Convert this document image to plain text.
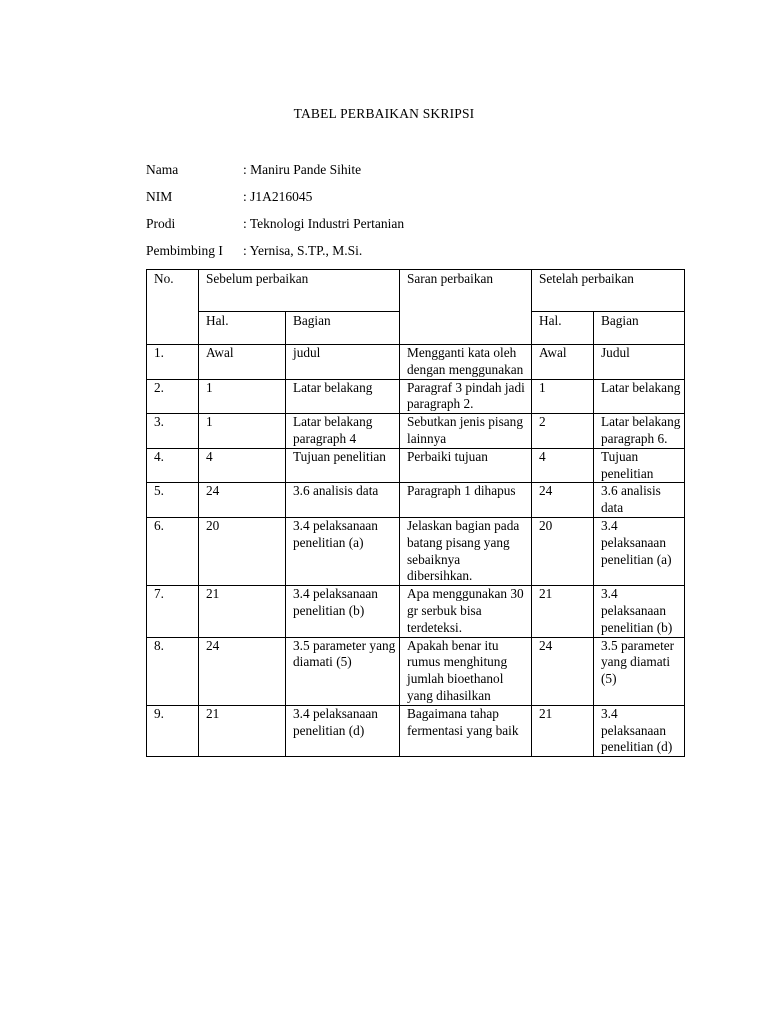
TABEL PERBAIKAN SKRIPSI
Nama	: Maniru Pande Sihite
NIM	: J1A216045
Prodi	: Teknologi Industri Pertanian
Pembimbing I : Yernisa, S.TP., M.Si.
No.	Sebelum perbaikan		Saran perbaikan	Setelah perbaikan	
	Hal.	Bagian		Hal.	Bagian
1.	Awal	judul	Mengganti kata oleh dengan menggunakan	Awal	Judul
2.	1	Latar belakang	Paragraf 3 pindah jadi paragraph 2.	1	Latar belakang
3.	1	Latar belakang paragraph 4	Sebutkan jenis pisang lainnya	2	Latar belakang paragraph 6.
4.	4	Tujuan penelitian	Perbaiki tujuan	4	Tujuan penelitian
5.	24	3.6 analisis data	Paragraph 1 dihapus	24	3.6 analisis data
6.	20	3.4 pelaksanaan penelitian (a)	Jelaskan bagian pada batang pisang yang sebaiknya dibersihkan.	20	3.4 pelaksanaan penelitian (a)
7.	21	3.4 pelaksanaan penelitian (b)	Apa menggunakan 30 gr serbuk bisa terdeteksi.	21	3.4 pelaksanaan penelitian (b)
8.	24	3.5 parameter yang diamati (5)	Apakah benar itu rumus menghitung jumlah bioethanol yang dihasilkan	24	3.5 parameter yang diamati (5)
9.	21	3.4 pelaksanaan penelitian (d)	Bagaimana tahap fermentasi yang baik	21	3.4 pelaksanaan penelitian (d)
